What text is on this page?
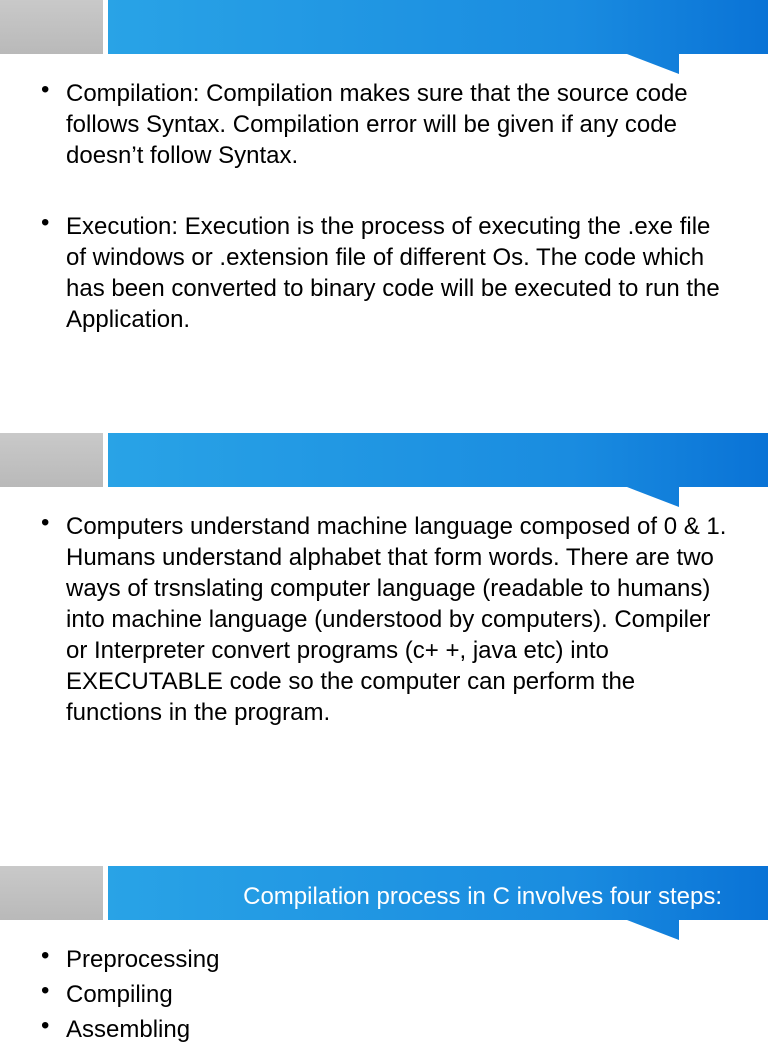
• Compilation: Compilation makes sure that the source code follows Syntax. Compilation error will be given if any code doesn’t follow Syntax.
• Execution: Execution is the process of executing the .exe file of windows or .extension file of different Os. The code which has been converted to binary code will be executed to run the Application.
• Computers understand machine language composed of 0 & 1. Humans understand alphabet that form words. There are two ways of trsnslating computer language (readable to humans) into machine language (understood by computers). Compiler or Interpreter convert programs (c+ +, java etc) into EXECUTABLE code so the computer can perform the functions in the program.
Compilation process in C involves four steps:
• Preprocessing
• Compiling
• Assembling
